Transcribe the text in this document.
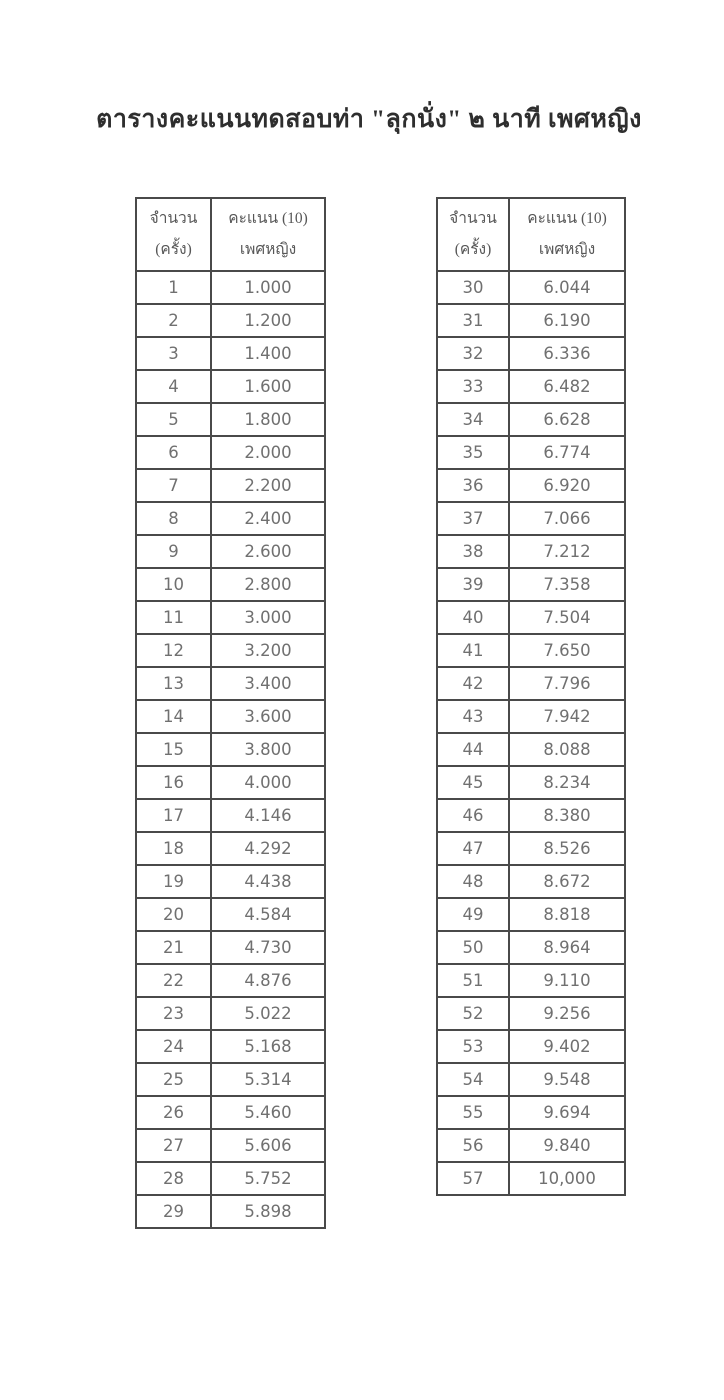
ตารางคะแนนทดสอบท่า "ลุกนั่ง" ๒ นาที เพศหญิง
จำนวน
(ครั้ง)	คะแนน (10)
เพศหญิง

1	1.000
2	1.200
3	1.400
4	1.600
5	1.800
6	2.000
7	2.200
8	2.400
9	2.600
10	2.800
11	3.000
12	3.200
13	3.400
14	3.600
15	3.800
16	4.000
17	4.146
18	4.292
19	4.438
20	4.584
21	4.730
22	4.876
23	5.022
24	5.168
25	5.314
26	5.460
27	5.606
28	5.752
29	5.898
จำนวน
(ครั้ง)	คะแนน (10)
เพศหญิง

30	6.044
31	6.190
32	6.336
33	6.482
34	6.628
35	6.774
36	6.920
37	7.066
38	7.212
39	7.358
40	7.504
41	7.650
42	7.796
43	7.942
44	8.088
45	8.234
46	8.380
47	8.526
48	8.672
49	8.818
50	8.964
51	9.110
52	9.256
53	9.402
54	9.548
55	9.694
56	9.840
57	10,000
